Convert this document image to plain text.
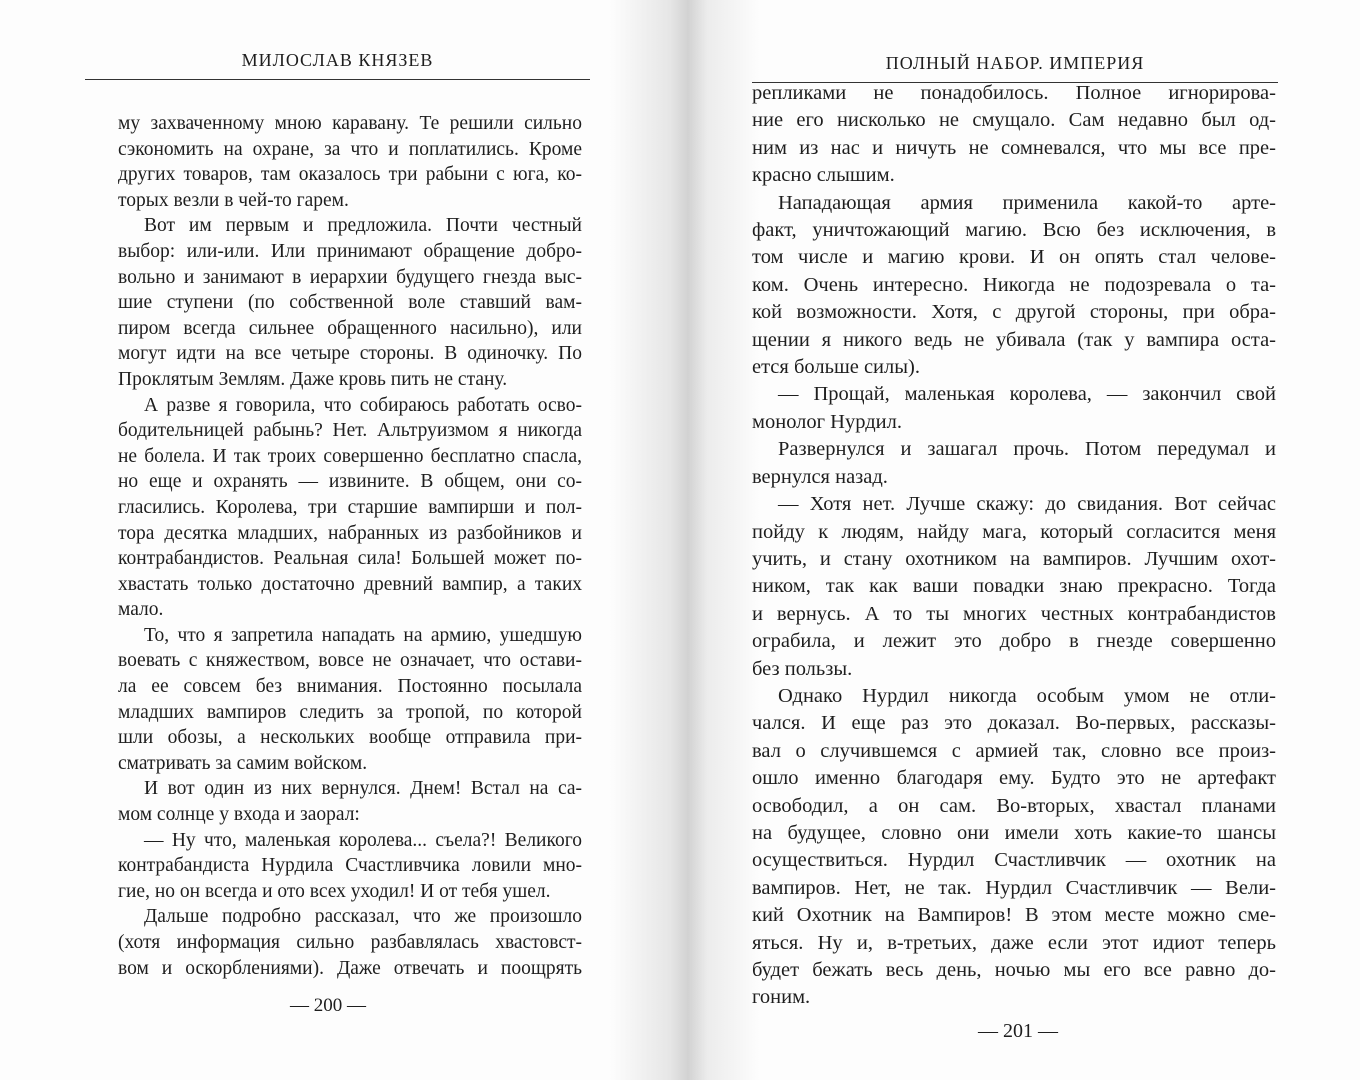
МИЛОСЛАВ КНЯЗЕВ
му захваченному мною каравану. Те решили сильно
сэкономить на охране, за что и поплатились. Кроме
других товаров, там оказалось три рабыни с юга, ко-
торых везли в чей-то гарем.
Вот им первым и предложила. Почти честный
выбор: или-или. Или принимают обращение добро-
вольно и занимают в иерархии будущего гнезда выс-
шие ступени (по собственной воле ставший вам-
пиром всегда сильнее обращенного насильно), или
могут идти на все четыре стороны. В одиночку. По
Проклятым Землям. Даже кровь пить не стану.
А разве я говорила, что собираюсь работать осво-
бодительницей рабынь? Нет. Альтруизмом я никогда
не болела. И так троих совершенно бесплатно спасла,
но еще и охранять — извините. В общем, они со-
гласились. Королева, три старшие вампирши и пол-
тора десятка младших, набранных из разбойников и
контрабандистов. Реальная сила! Большей может по-
хвастать только достаточно древний вампир, а таких
мало.
То, что я запретила нападать на армию, ушедшую
воевать с княжеством, вовсе не означает, что остави-
ла ее совсем без внимания. Постоянно посылала
младших вампиров следить за тропой, по которой
шли обозы, а нескольких вообще отправила при-
сматривать за самим войском.
И вот один из них вернулся. Днем! Встал на са-
мом солнце у входа и заорал:
— Ну что, маленькая королева... съела?! Великого
контрабандиста Нурдила Счастливчика ловили мно-
гие, но он всегда и ото всех уходил! И от тебя ушел.
Дальше подробно рассказал, что же произошло
(хотя информация сильно разбавлялась хвастовст-
вом и оскорблениями). Даже отвечать и поощрять
— 200 —
ПОЛНЫЙ НАБОР. ИМПЕРИЯ
репликами не понадобилось. Полное игнорирова-
ние его нисколько не смущало. Сам недавно был од-
ним из нас и ничуть не сомневался, что мы все пре-
красно слышим.
Нападающая армия применила какой-то арте-
факт, уничтожающий магию. Всю без исключения, в
том числе и магию крови. И он опять стал челове-
ком. Очень интересно. Никогда не подозревала о та-
кой возможности. Хотя, с другой стороны, при обра-
щении я никого ведь не убивала (так у вампира оста-
ется больше силы).
— Прощай, маленькая королева, — закончил свой
монолог Нурдил.
Развернулся и зашагал прочь. Потом передумал и
вернулся назад.
— Хотя нет. Лучше скажу: до свидания. Вот сейчас
пойду к людям, найду мага, который согласится меня
учить, и стану охотником на вампиров. Лучшим охот-
ником, так как ваши повадки знаю прекрасно. Тогда
и вернусь. А то ты многих честных контрабандистов
ограбила, и лежит это добро в гнезде совершенно
без пользы.
Однако Нурдил никогда особым умом не отли-
чался. И еще раз это доказал. Во-первых, рассказы-
вал о случившемся с армией так, словно все произ-
ошло именно благодаря ему. Будто это не артефакт
освободил, а он сам. Во-вторых, хвастал планами
на будущее, словно они имели хоть какие-то шансы
осуществиться. Нурдил Счастливчик — охотник на
вампиров. Нет, не так. Нурдил Счастливчик — Вели-
кий Охотник на Вампиров! В этом месте можно сме-
яться. Ну и, в-третьих, даже если этот идиот теперь
будет бежать весь день, ночью мы его все равно до-
гоним.
— 201 —
